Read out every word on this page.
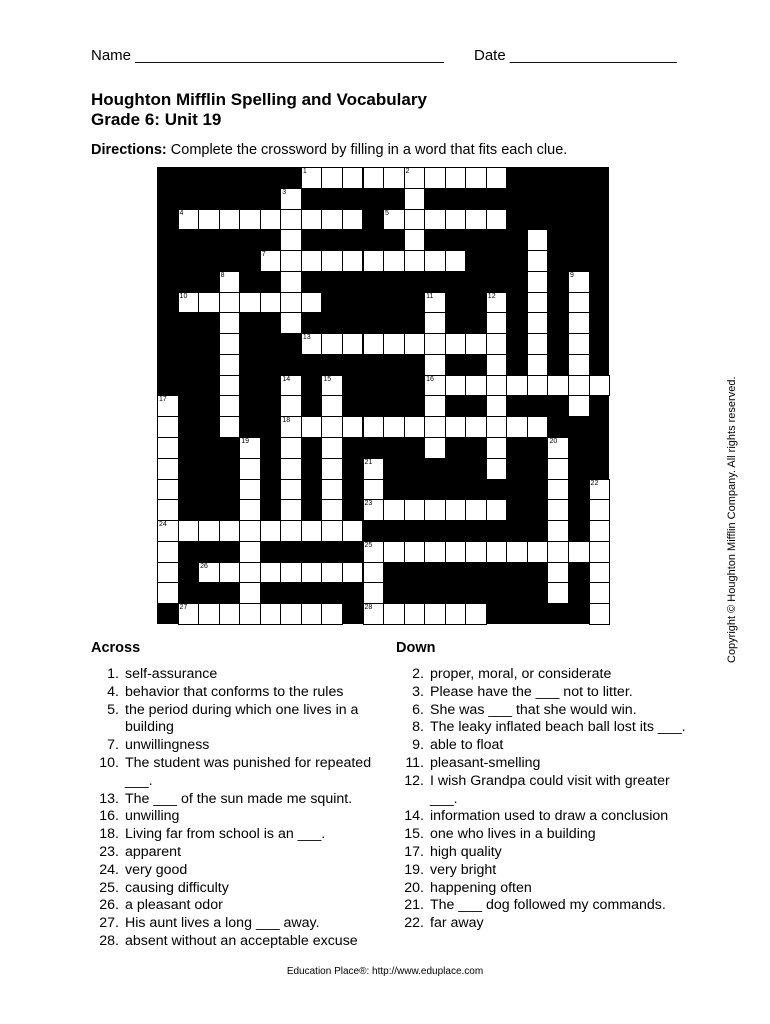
Name _____________________________________ Date ____________________
Houghton Mifflin Spelling and Vocabulary
Grade 6: Unit 19
Directions: Complete the crossword by filling in a word that fits each clue.
1	2
3
4	5
7
8	9
10	11	12
13
14	15	16
17
18
19	20
21
22
23
24
25
26
27	28
Across
1. self-assurance
4. behavior that conforms to the rules
5. the period during which one lives in a building
7. unwillingness
10. The student was punished for repeated ___.
13. The ___ of the sun made me squint.
16. unwilling
18. Living far from school is an ___.
23. apparent
24. very good
25. causing difficulty
26. a pleasant odor
27. His aunt lives a long ___ away.
28. absent without an acceptable excuse
Down
2. proper, moral, or considerate
3. Please have the ___ not to litter.
6. She was ___ that she would win.
8. The leaky inflated beach ball lost its ___.
9. able to float
11. pleasant-smelling
12. I wish Grandpa could visit with greater ___.
14. information used to draw a conclusion
15. one who lives in a building
17. high quality
19. very bright
20. happening often
21. The ___ dog followed my commands.
22. far away
Copyright © Houghton Mifflin Company. All rights reserved.
Education Place®: http://www.eduplace.com
